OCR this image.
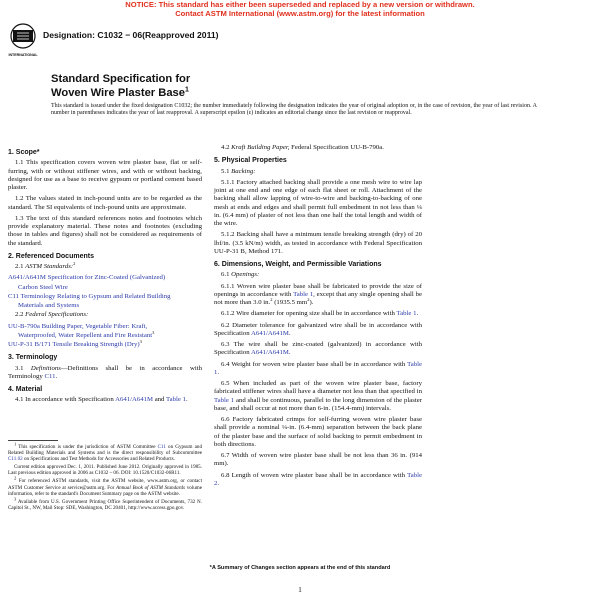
NOTICE: This standard has either been superseded and replaced by a new version or withdrawn.
Contact ASTM International (www.astm.org) for the latest information
INTERNATIONAL
Designation: C1032 − 06(Reapproved 2011)
Standard Specification for
Woven Wire Plaster Base$^1$
This standard is issued under the fixed designation C1032; the number immediately following the designation indicates the year of original adoption or, in the case of revision, the year of last revision. A number in parentheses indicates the year of last reapproval. A superscript epsilon (ε) indicates an editorial change since the last revision or reapproval.
1. Scope*

1.1 This specification covers woven wire plaster base, flat or self-furring, with or without stiffener wires, and with or without backing, designed for use as a base to receive gypsum or portland cement based plaster.

1.2 The values stated in inch-pound units are to be regarded as the standard. The SI equivalents of inch-pound units are approximate.

1.3 The text of this standard references notes and footnotes which provide explanatory material. These notes and footnotes (excluding those in tables and figures) shall not be considered as requirements of the standard.

2. Referenced Documents

2.1 ASTM Standards:$^2$

A641/A641M Specification for Zinc-Coated (Galvanized)

Carbon Steel Wire

C11 Terminology Relating to Gypsum and Related Building

Materials and Systems

2.2 Federal Specifications:

UU-B-790a Building Paper, Vegetable Fiber: Kraft,

Waterproofed, Water Repellent and Fire Resistant$^3$

UU-P-31 B/171 Tensile Breaking Strength (Dry)$^3$

3. Terminology

3.1 Definitions—Definitions shall be in accordance with Terminology C11.

4. Material

4.1 In accordance with Specification A641/A641M and Table 1.

$^1$ This specification is under the jurisdiction of ASTM Committee C11 on Gypsum and Related Building Materials and Systems and is the direct responsibility of Subcommittee C11.02 on Specifications and Test Methods for Accessories and Related Products.

Current edition approved Dec. 1, 2011. Published June 2012. Originally approved in 1985. Last previous edition approved in 2006 as C1032 – 06. DOI: 10.1520/C1032-06R11.

$^2$ For referenced ASTM standards, visit the ASTM website, www.astm.org, or contact ASTM Customer Service at service@astm.org. For Annual Book of ASTM Standards volume information, refer to the standard's Document Summary page on the ASTM website.

$^3$ Available from U.S. Government Printing Office Superintendent of Documents, 732 N. Capitol St., NW, Mail Stop: SDE, Washington, DC 20401, http://www.access.gpo.gov.

4.2 Kraft Building Paper, Federal Specification UU-B-790a.

5. Physical Properties

5.1 Backing:

5.1.1 Factory attached backing shall provide a one mesh wire to wire lap joint at one end and one edge of each flat sheet or roll. Attachment of the backing shall allow lapping of wire-to-wire and backing-to-backing of one mesh at ends and edges and shall permit full embedment in not less than ¼ in. (6.4 mm) of plaster of not less than one half the total length and width of the wire.

5.1.2 Backing shall have a minimum tensile breaking strength (dry) of 20 lbf/in. (3.5 kN/m) width, as tested in accordance with Federal Specification UU-P-31 B, Method 171.

6. Dimensions, Weight, and Permissible Variations

6.1 Openings:

6.1.1 Woven wire plaster base shall be fabricated to provide the size of openings in accordance with Table 1, except that any single opening shall be not more than 3.0 in.$^2$ (1935.5 $mm^2$).

6.1.2 Wire diameter for opening size shall be in accordance with Table 1.

6.2 Diameter tolerance for galvanized wire shall be in accordance with Specification A641/A641M.

6.3 The wire shall be zinc-coated (galvanized) in accordance with Specification A641/A641M.

6.4 Weight for woven wire plaster base shall be in accordance with Table 1.

6.5 When included as part of the woven wire plaster base, factory fabricated stiffener wires shall have a diameter not less than that specified in Table 1 and shall be continuous, parallel to the long dimension of the plaster base, and shall occur at not more than 6-in. (154.4-mm) intervals.

6.6 Factory fabricated crimps for self-furring woven wire plaster base shall provide a nominal ¼-in. (6.4-mm) separation between the back plane of the plaster base and the surface of solid backing to permit embedment in both directions.

6.7 Width of woven wire plaster base shall be not less than 36 in. (914 mm).

6.8 Length of woven wire plaster base shall be in accordance with Table 2.

*A Summary of Changes section appears at the end of this standard
1
